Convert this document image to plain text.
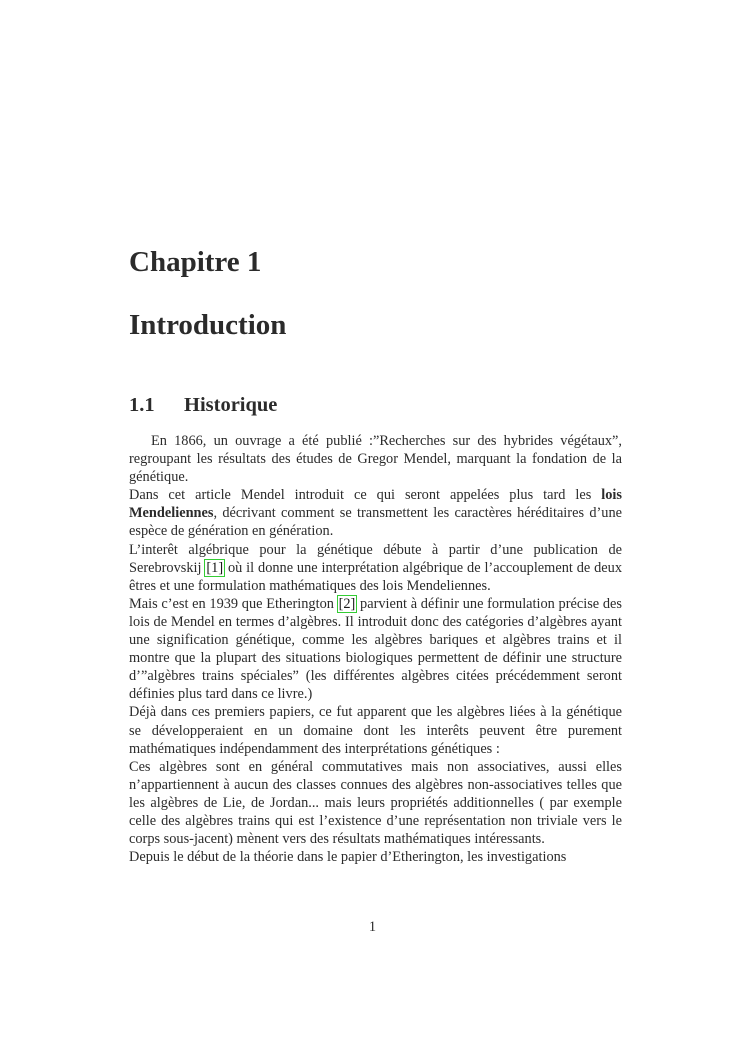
Chapitre 1
Introduction
1.1 Historique

En 1866, un ouvrage a été publié :”Recherches sur des hybrides végétaux”, regroupant les résultats des études de Gregor Mendel, marquant la fondation de la génétique.

Dans cet article Mendel introduit ce qui seront appelées plus tard les lois Mendeliennes, décrivant comment se transmettent les caractères héréditaires d’une espèce de génération en génération.

L’interêt algébrique pour la génétique débute à partir d’une publication de Serebrovskij [1] où il donne une interprétation algébrique de l’accouplement de deux êtres et une formulation mathématiques des lois Mendeliennes.

Mais c’est en 1939 que Etherington [2] parvient à définir une formulation précise des lois de Mendel en termes d’algèbres. Il introduit donc des catégories d’algèbres ayant une signification génétique, comme les algèbres bariques et algèbres trains et il montre que la plupart des situations biologiques permettent de définir une structure d’”algèbres trains spéciales” (les différentes algèbres citées précédemment seront définies plus tard dans ce livre.)

Déjà dans ces premiers papiers, ce fut apparent que les algèbres liées à la génétique se développeraient en un domaine dont les interêts peuvent être purement mathématiques indépendamment des interprétations génétiques :

Ces algèbres sont en général commutatives mais non associatives, aussi elles n’appartiennent à aucun des classes connues des algèbres non-associatives telles que les algèbres de Lie, de Jordan... mais leurs propriétés additionnelles ( par exemple celle des algèbres trains qui est l’existence d’une représentation non triviale vers le corps sous-jacent) mènent vers des résultats mathématiques intéressants.

Depuis le début de la théorie dans le papier d’Etherington, les investigations

1
